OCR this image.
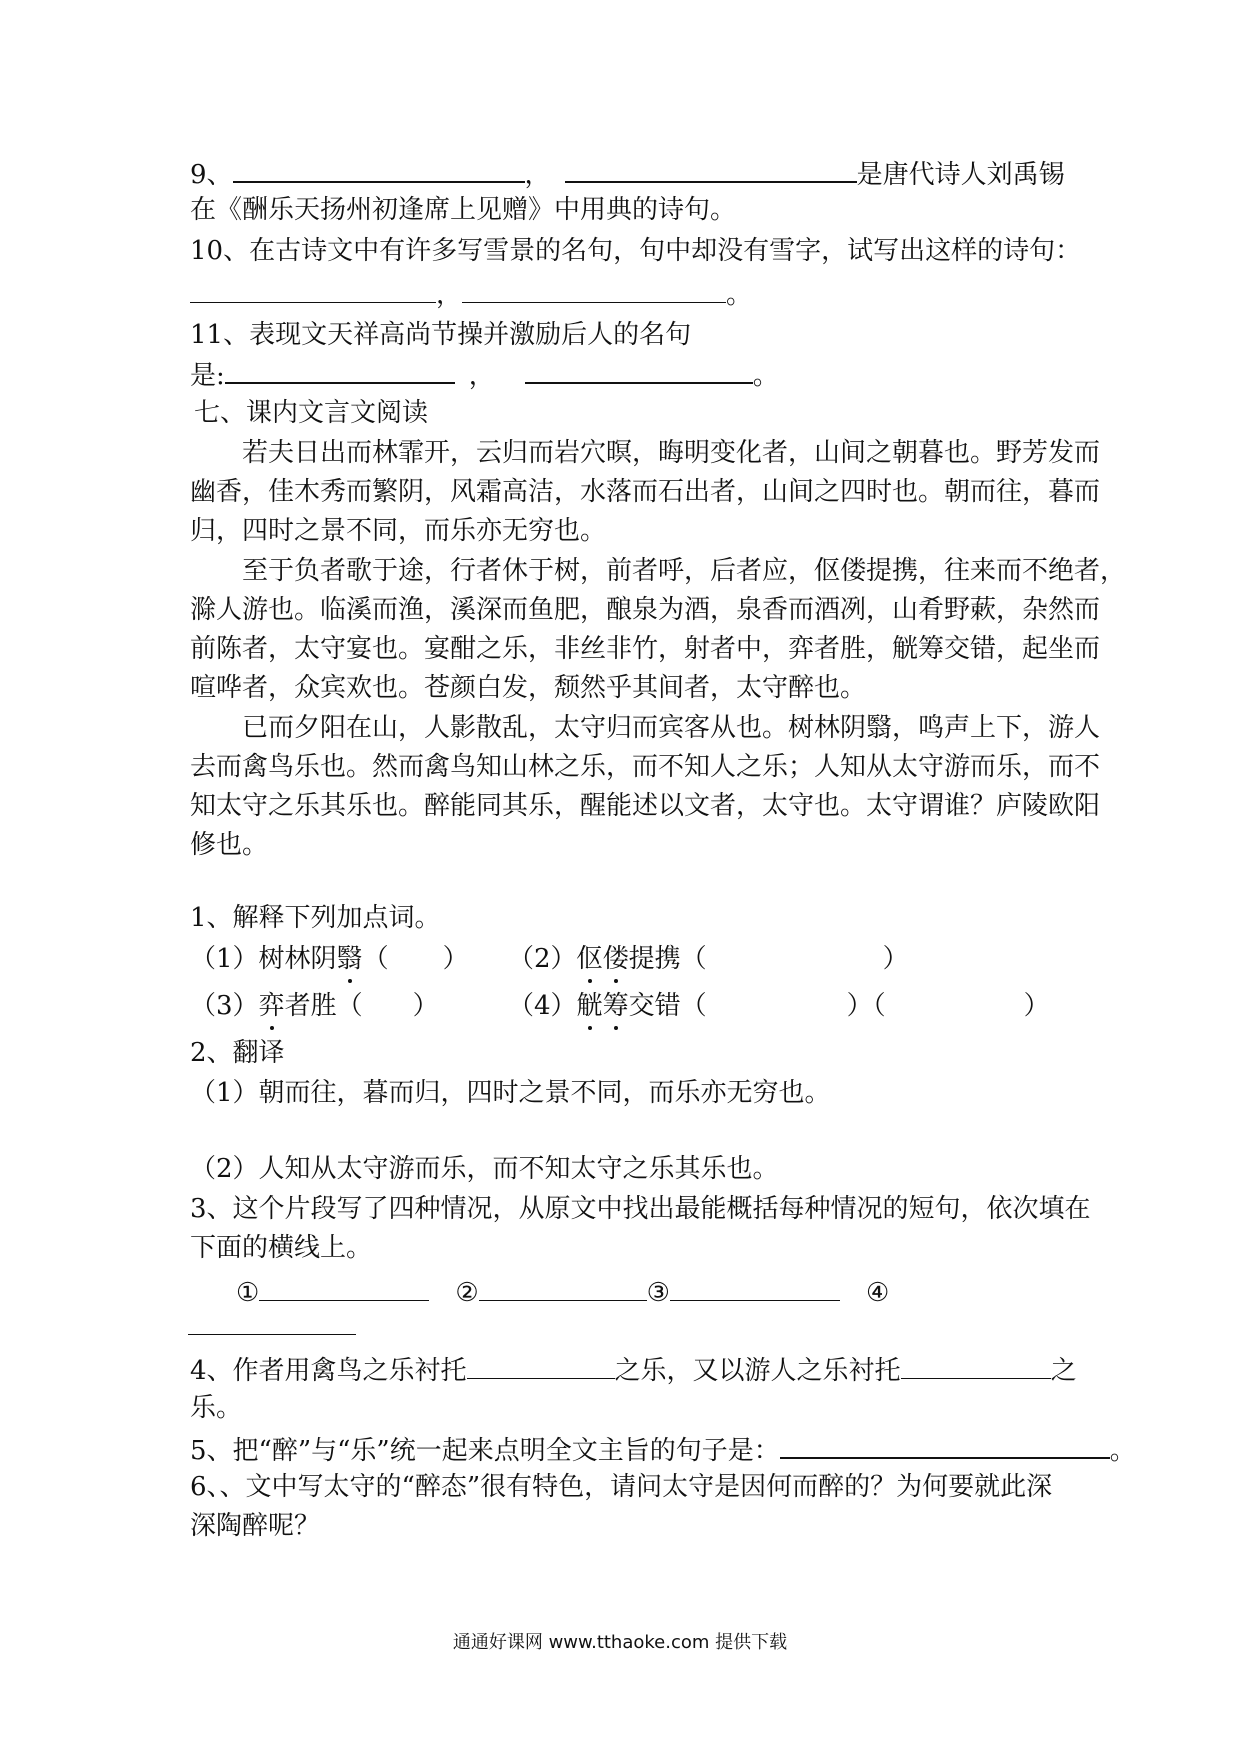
9、	，	是唐代诗人刘禹锡
在《酬乐天扬州初逢席上见赠》中用典的诗句。
10、在古诗文中有许多写雪景的名句，句中却没有雪字，试写出这样的诗句：
，	。
11、表现文天祥高尚节操并激励后人的名句
是:	，	。
七、课内文言文阅读
若夫日出而林霏开，云归而岩穴暝，晦明变化者，山间之朝暮也。野芳发而
幽香，佳木秀而繁阴，风霜高洁，水落而石出者，山间之四时也。朝而往，暮而
归，四时之景不同，而乐亦无穷也。
至于负者歌于途，行者休于树，前者呼，后者应，伛偻提携，往来而不绝者，
滁人游也。临溪而渔，溪深而鱼肥，酿泉为酒，泉香而酒冽，山肴野蔌，杂然而
前陈者，太守宴也。宴酣之乐，非丝非竹，射者中，弈者胜，觥筹交错，起坐而
喧哗者，众宾欢也。苍颜白发，颓然乎其间者，太守醉也。
已而夕阳在山，人影散乱，太守归而宾客从也。树林阴翳，鸣声上下，游人
去而禽鸟乐也。然而禽鸟知山林之乐，而不知人之乐；人知从太守游而乐，而不
知太守之乐其乐也。醉能同其乐，醒能述以文者，太守也。太守谓谁？庐陵欧阳
修也。
1、解释下列加点词。
（1）树林阴翳（ ） （2）伛偻提携（	）
（3）弈者胜（ ）	（4）觥筹交错（	）（	）
2、翻译
（1）朝而往，暮而归，四时之景不同，而乐亦无穷也。
（2）人知从太守游而乐，而不知太守之乐其乐也。
3、这个片段写了四种情况，从原文中找出最能概括每种情况的短句，依次填在
下面的横线上。
①	②	③	④
4、作者用禽鸟之乐衬托	之乐，又以游人之乐衬托	之
乐。
5、把“醉”与“乐”统一起来点明全文主旨的句子是：	。
6、、文中写太守的“醉态”很有特色，请问太守是因何而醉的？为何要就此深
深陶醉呢？
通通好课网 www.tthaoke.com 提供下载
